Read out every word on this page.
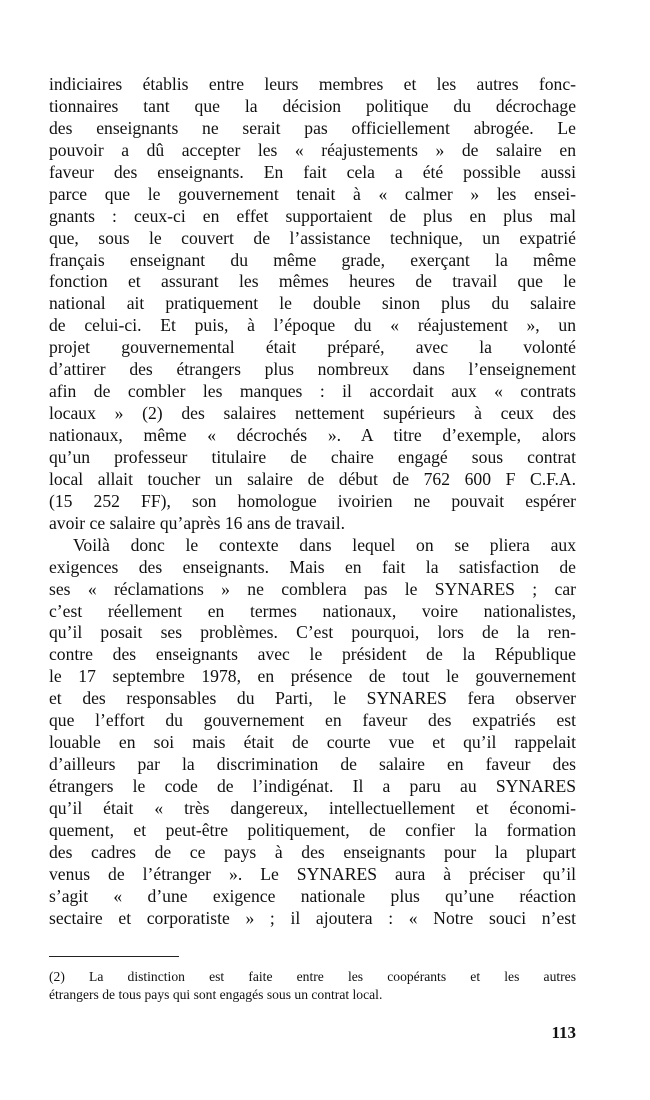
indiciaires établis entre leurs membres et les autres fonc-
tionnaires tant que la décision politique du décrochage
des enseignants ne serait pas officiellement abrogée. Le
pouvoir a dû accepter les « réajustements » de salaire en
faveur des enseignants. En fait cela a été possible aussi
parce que le gouvernement tenait à « calmer » les ensei-
gnants : ceux-ci en effet supportaient de plus en plus mal
que, sous le couvert de l’assistance technique, un expatrié
français enseignant du même grade, exerçant la même
fonction et assurant les mêmes heures de travail que le
national ait pratiquement le double sinon plus du salaire
de celui-ci. Et puis, à l’époque du « réajustement », un
projet gouvernemental était préparé, avec la volonté
d’attirer des étrangers plus nombreux dans l’enseignement
afin de combler les manques : il accordait aux « contrats
locaux » (2) des salaires nettement supérieurs à ceux des
nationaux, même « décrochés ». A titre d’exemple, alors
qu’un professeur titulaire de chaire engagé sous contrat
local allait toucher un salaire de début de 762 600 F C.F.A.
(15 252 FF), son homologue ivoirien ne pouvait espérer
avoir ce salaire qu’après 16 ans de travail.
Voilà donc le contexte dans lequel on se pliera aux
exigences des enseignants. Mais en fait la satisfaction de
ses « réclamations » ne comblera pas le SYNARES ; car
c’est réellement en termes nationaux, voire nationalistes,
qu’il posait ses problèmes. C’est pourquoi, lors de la ren-
contre des enseignants avec le président de la République
le 17 septembre 1978, en présence de tout le gouvernement
et des responsables du Parti, le SYNARES fera observer
que l’effort du gouvernement en faveur des expatriés est
louable en soi mais était de courte vue et qu’il rappelait
d’ailleurs par la discrimination de salaire en faveur des
étrangers le code de l’indigénat. Il a paru au SYNARES
qu’il était « très dangereux, intellectuellement et économi-
quement, et peut-être politiquement, de confier la formation
des cadres de ce pays à des enseignants pour la plupart
venus de l’étranger ». Le SYNARES aura à préciser qu’il
s’agit « d’une exigence nationale plus qu’une réaction
sectaire et corporatiste » ; il ajoutera : « Notre souci n’est
(2) La distinction est faite entre les coopérants et les autres
étrangers de tous pays qui sont engagés sous un contrat local.
113
